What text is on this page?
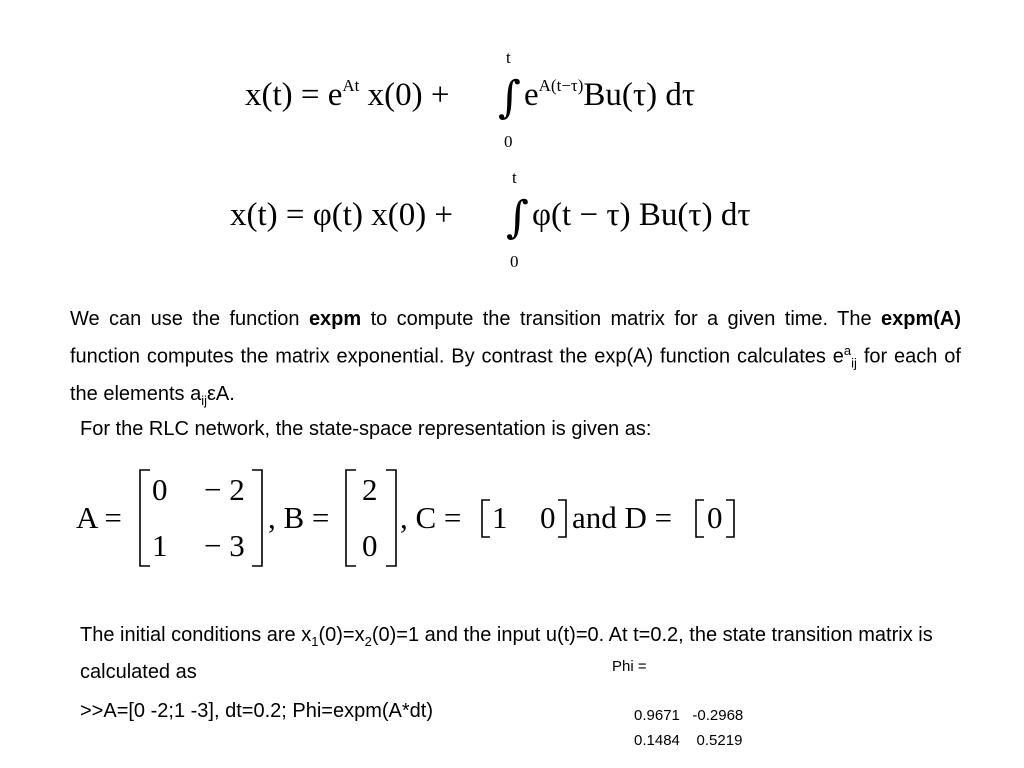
$x(t) = e^{At}$ x(0) + ∫
t
0
$e^{A(t-\tau)}Bu(\tau)$ dτ
x(t) = φ(t) x(0) + ∫
t
0
φ(t − τ) Bu(τ) dτ
We can use the function expm to compute the transition matrix for a given time. The expm(A) function computes the matrix exponential. By contrast the exp(A) function calculates $e^a_{ij}$ for each of the elements $a_{ij}\varepsilon A$.
For the RLC network, the state-space representation is given as:
A =
0 − 2
1 − 3
, B =
2
0
, C = 1 0 and D = 0
The initial conditions are $x_1(0)=x_2(0)=1$ and the input u(t)=0. At t=0.2, the state transition matrix is calculated as
>>A=[0 -2;1 -3], dt=0.2; Phi=expm(A*dt)
Phi =
0.9671   -0.2968
0.1484    0.5219
